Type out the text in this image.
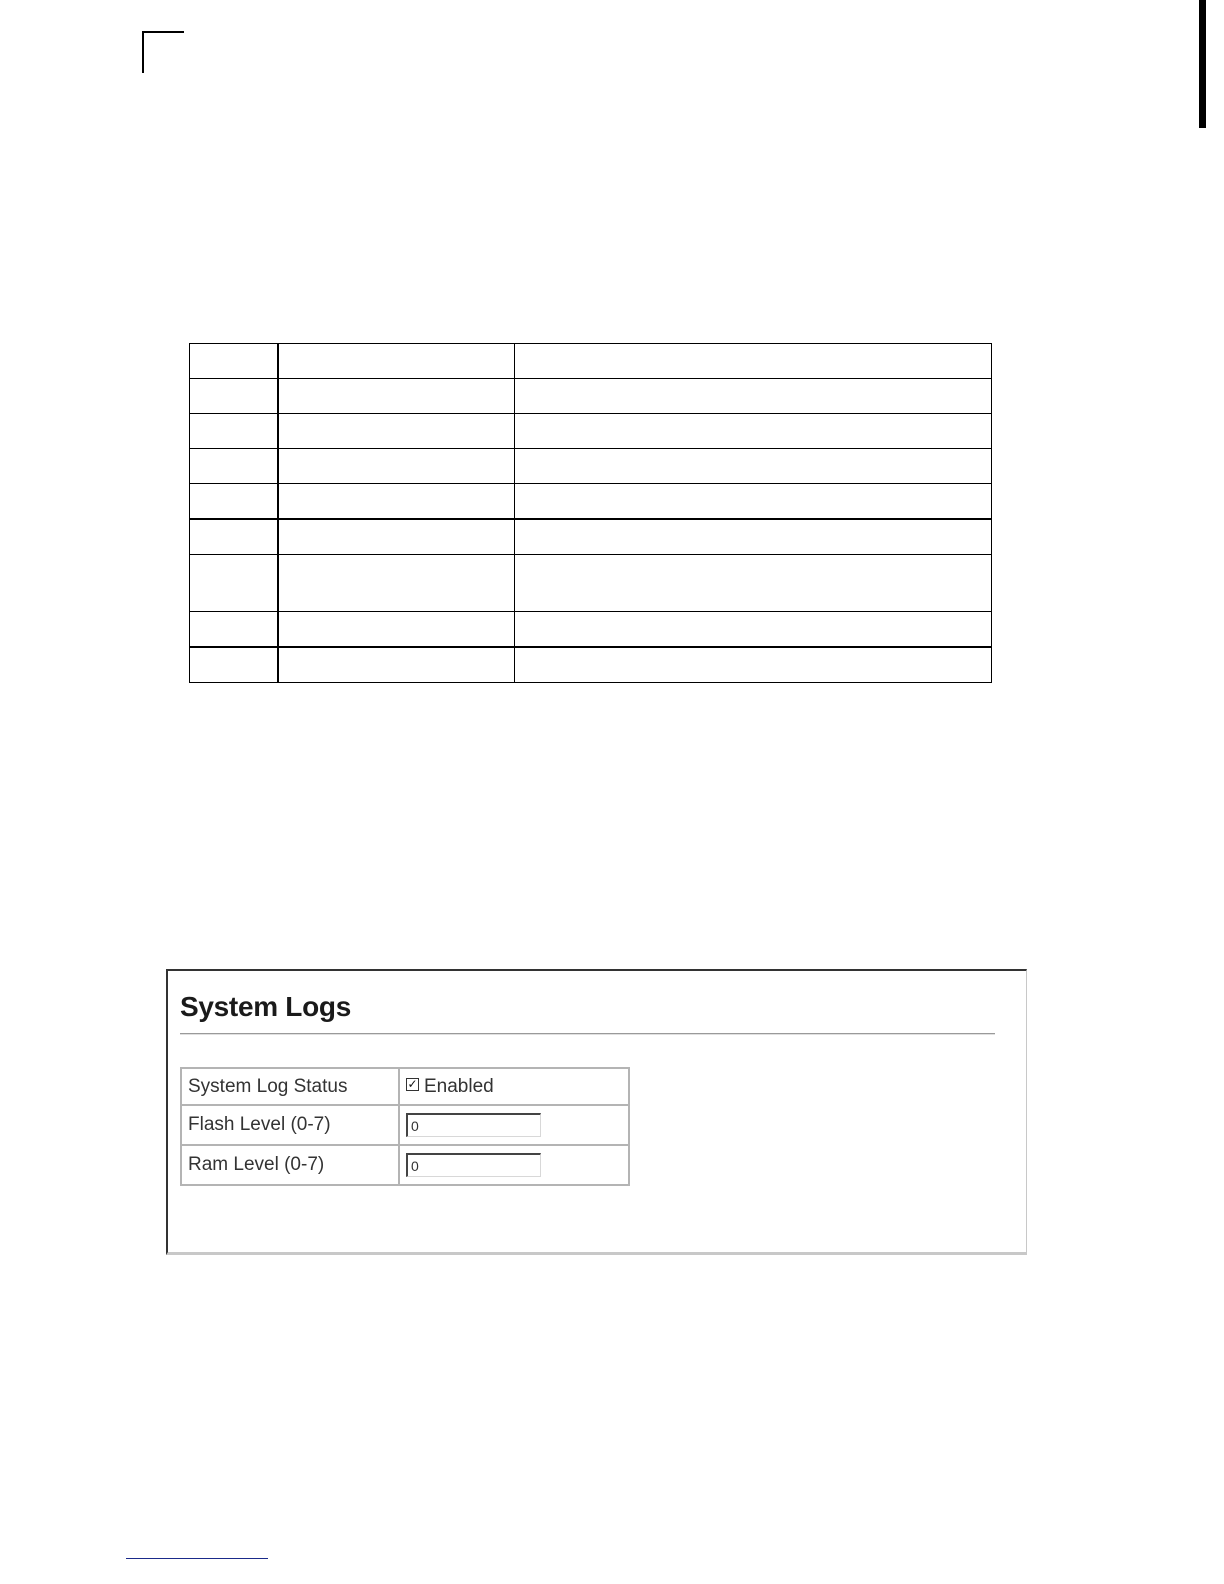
System Logs
System Log Status	✓ Enabled
Flash Level (0-7)	0
Ram Level (0-7)	0
